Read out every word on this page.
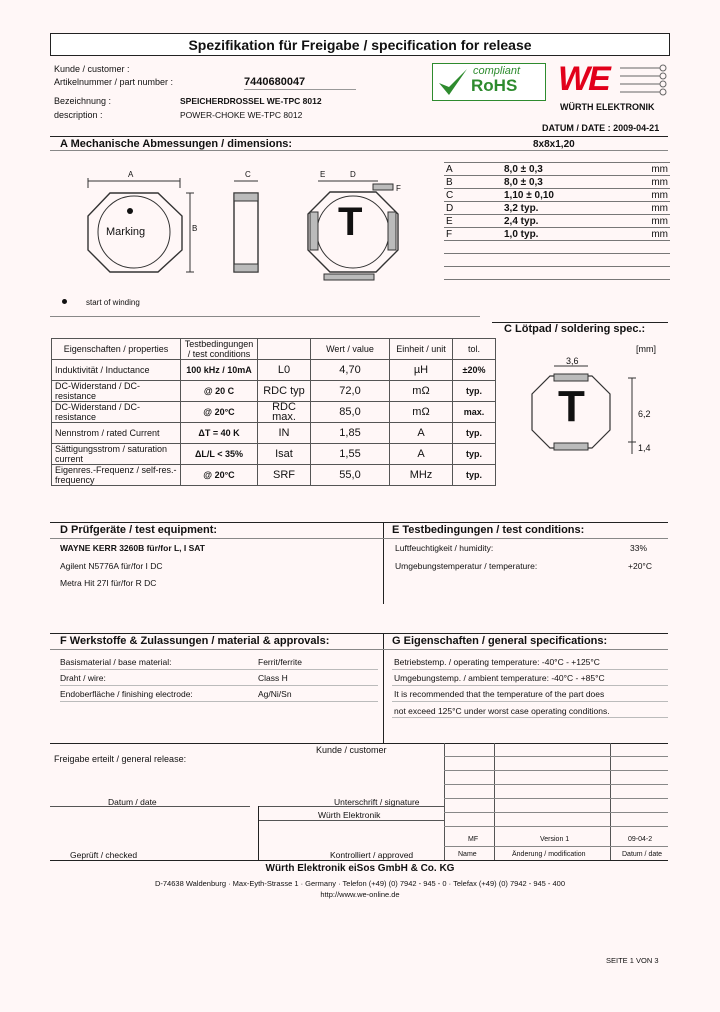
Spezifikation für Freigabe / specification for release
Kunde / customer :
Artikelnummer / part number :	7440680047
Bezeichnung :	SPEICHERDROSSEL WE-TPC 8012
description :	POWER-CHOKE WE-TPC 8012
compliant
RoHS WE
WÜRTH ELEKTRONIK
DATUM / DATE : 2009-04-21
A Mechanische Abmessungen / dimensions:	8x8x1,20
A
B
Marking
C
T
E	D
F
A	8,0 ± 0,3	mm
B	8,0 ± 0,3	mm
C	1,10 ± 0,10	mm
D	3,2 typ.	mm
E	2,4 typ.	mm
F	1,0 typ.	mm

start of winding
Eigenschaften / properties	Testbedingungen / test conditions		Wert / value	Einheit / unit	tol.
Induktivität / Inductance	100 kHz / 10mA	L0	4,70	µH	±20%
DC-Widerstand / DC-resistance	@ 20 C	RDC typ	72,0	mΩ	typ.
DC-Widerstand / DC-resistance	@ 20°C	RDC max.	85,0	mΩ	max.
Nennstrom / rated Current	ΔT = 40 K	IN	1,85	A	typ.
Sättigungsstrom / saturation current	ΔL/L < 35%	Isat	1,55	A	typ.
Eigenres.-Frequenz / self-res.-frequency	@ 20°C	SRF	55,0	MHz	typ.
C Lötpad / soldering spec.:
[mm]
T
3,6
6,2
1,4
D Prüfgeräte / test equipment:	E Testbedingungen / test conditions:
WAYNE KERR 3260B für/for L, I SAT
Agilent N5776A für/for I DC
Metra Hit 27I für/for R DC
Luftfeuchtigkeit / humidity:	33%
Umgebungstemperatur / temperature:	+20°C
F Werkstoffe & Zulassungen / material & approvals:	G Eigenschaften / general specifications:
Basismaterial / base material:	Ferrit/ferrite
Draht / wire:	Class H
Endoberfläche / finishing electrode:	Ag/Ni/Sn
Betriebstemp. / operating temperature: -40°C - +125°C
Umgebungstemp. / ambient temperature: -40°C - +85°C
It is recommended that the temperature of the part does
not exceed 125°C under worst case operating conditions.
Kunde / customer
Freigabe erteilt / general release:
Datum / date	Unterschrift / signature
Würth Elektronik
MF	Version 1	09-04-2
Geprüft / checked	Kontrolliert / approved	Name	Änderung / modification	Datum / date
Würth Elektronik eiSos GmbH & Co. KG
D-74638 Waldenburg · Max-Eyth-Strasse 1 · Germany · Telefon (+49) (0) 7942 - 945 - 0 · Telefax (+49) (0) 7942 - 945 - 400
http://www.we-online.de
SEITE 1 VON 3
